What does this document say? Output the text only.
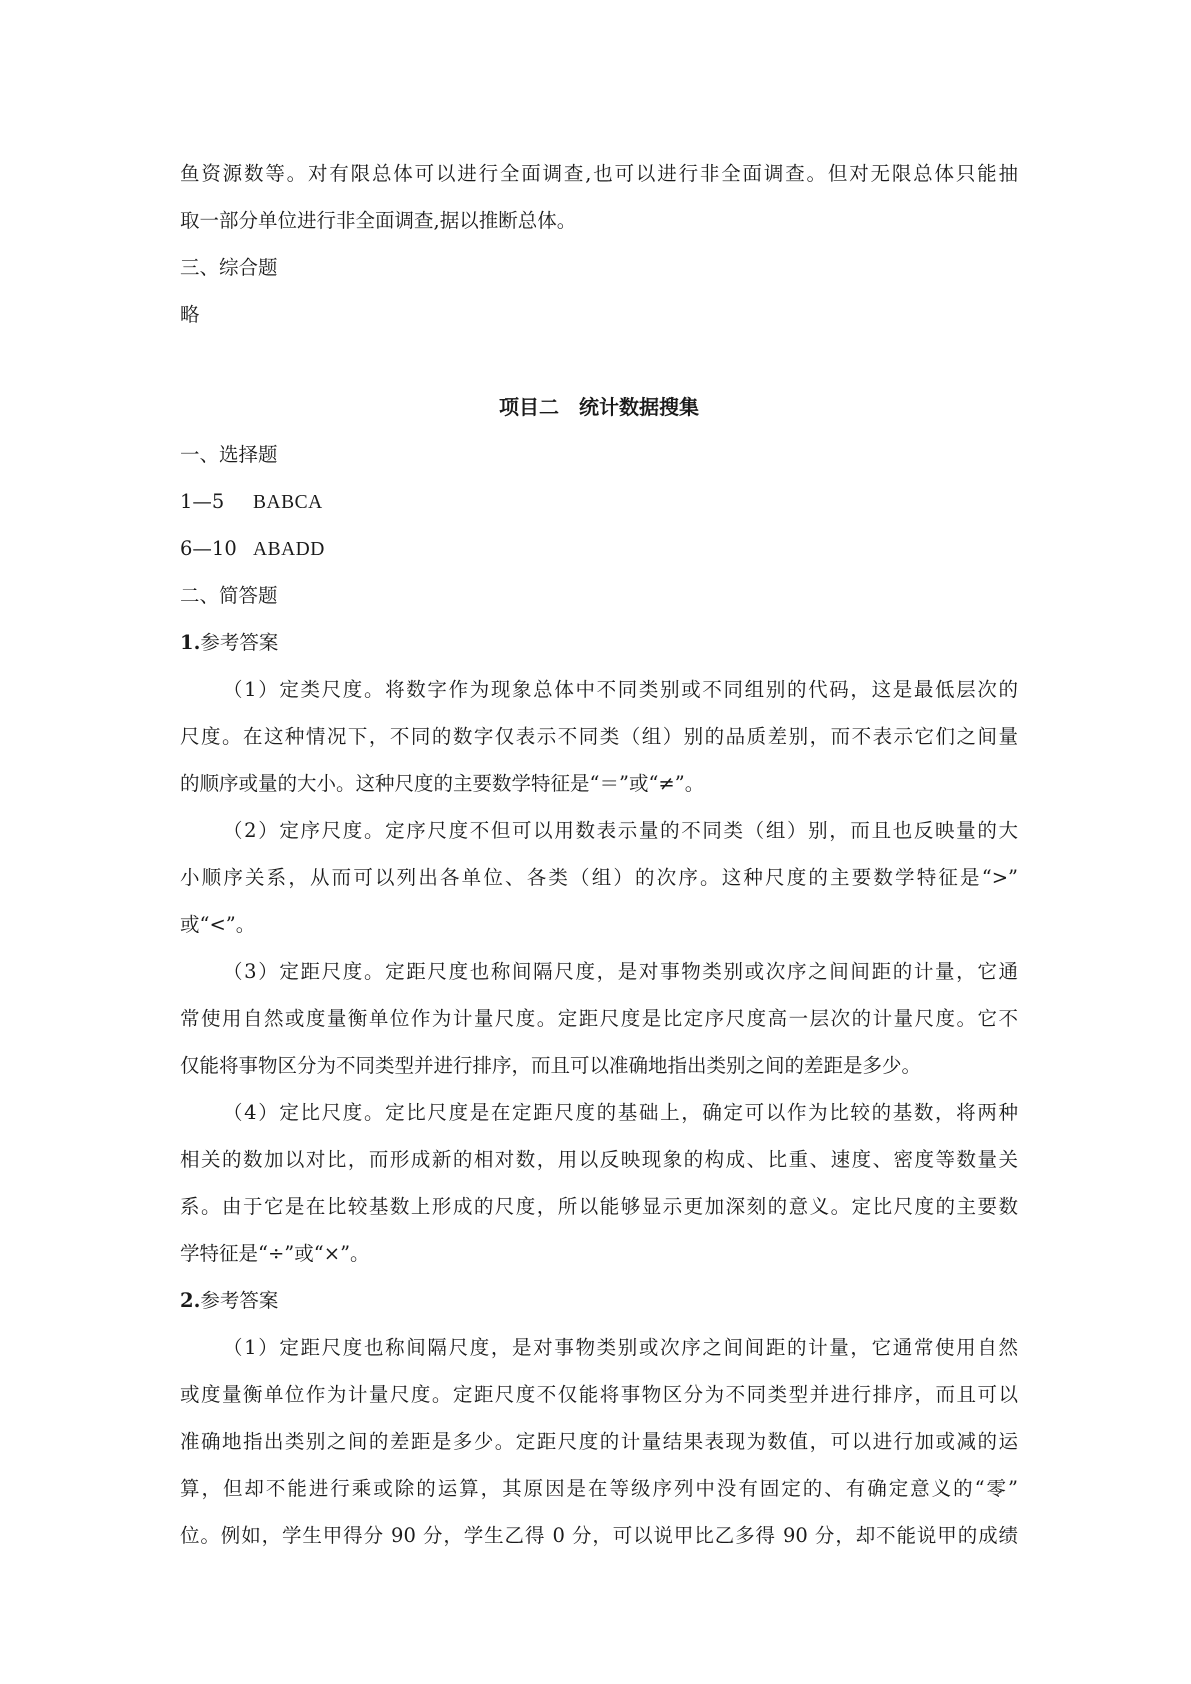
鱼资源数等。对有限总体可以进行全面调查,也可以进行非全面调查。但对无限总体只能抽

取一部分单位进行非全面调查,据以推断总体。

三、综合题

略

项目二　统计数据搜集

一、选择题

1—5 BABCA

6—10 ABADD

二、简答题

1.参考答案

（1）定类尺度。将数字作为现象总体中不同类别或不同组别的代码，这是最低层次的

尺度。在这种情况下，不同的数字仅表示不同类（组）别的品质差别，而不表示它们之间量

的顺序或量的大小。这种尺度的主要数学特征是“＝”或“≠”。

（2）定序尺度。定序尺度不但可以用数表示量的不同类（组）别，而且也反映量的大

小顺序关系，从而可以列出各单位、各类（组）的次序。这种尺度的主要数学特征是“>”

或“<”。

（3）定距尺度。定距尺度也称间隔尺度，是对事物类别或次序之间间距的计量，它通

常使用自然或度量衡单位作为计量尺度。定距尺度是比定序尺度高一层次的计量尺度。它不

仅能将事物区分为不同类型并进行排序，而且可以准确地指出类别之间的差距是多少。

（4）定比尺度。定比尺度是在定距尺度的基础上，确定可以作为比较的基数，将两种

相关的数加以对比，而形成新的相对数，用以反映现象的构成、比重、速度、密度等数量关

系。由于它是在比较基数上形成的尺度，所以能够显示更加深刻的意义。定比尺度的主要数

学特征是“÷”或“×”。

2.参考答案

（1）定距尺度也称间隔尺度，是对事物类别或次序之间间距的计量，它通常使用自然

或度量衡单位作为计量尺度。定距尺度不仅能将事物区分为不同类型并进行排序，而且可以

准确地指出类别之间的差距是多少。定距尺度的计量结果表现为数值，可以进行加或减的运

算，但却不能进行乘或除的运算，其原因是在等级序列中没有固定的、有确定意义的“零”

位。例如，学生甲得分 90 分，学生乙得 0 分，可以说甲比乙多得 90 分，却不能说甲的成绩
